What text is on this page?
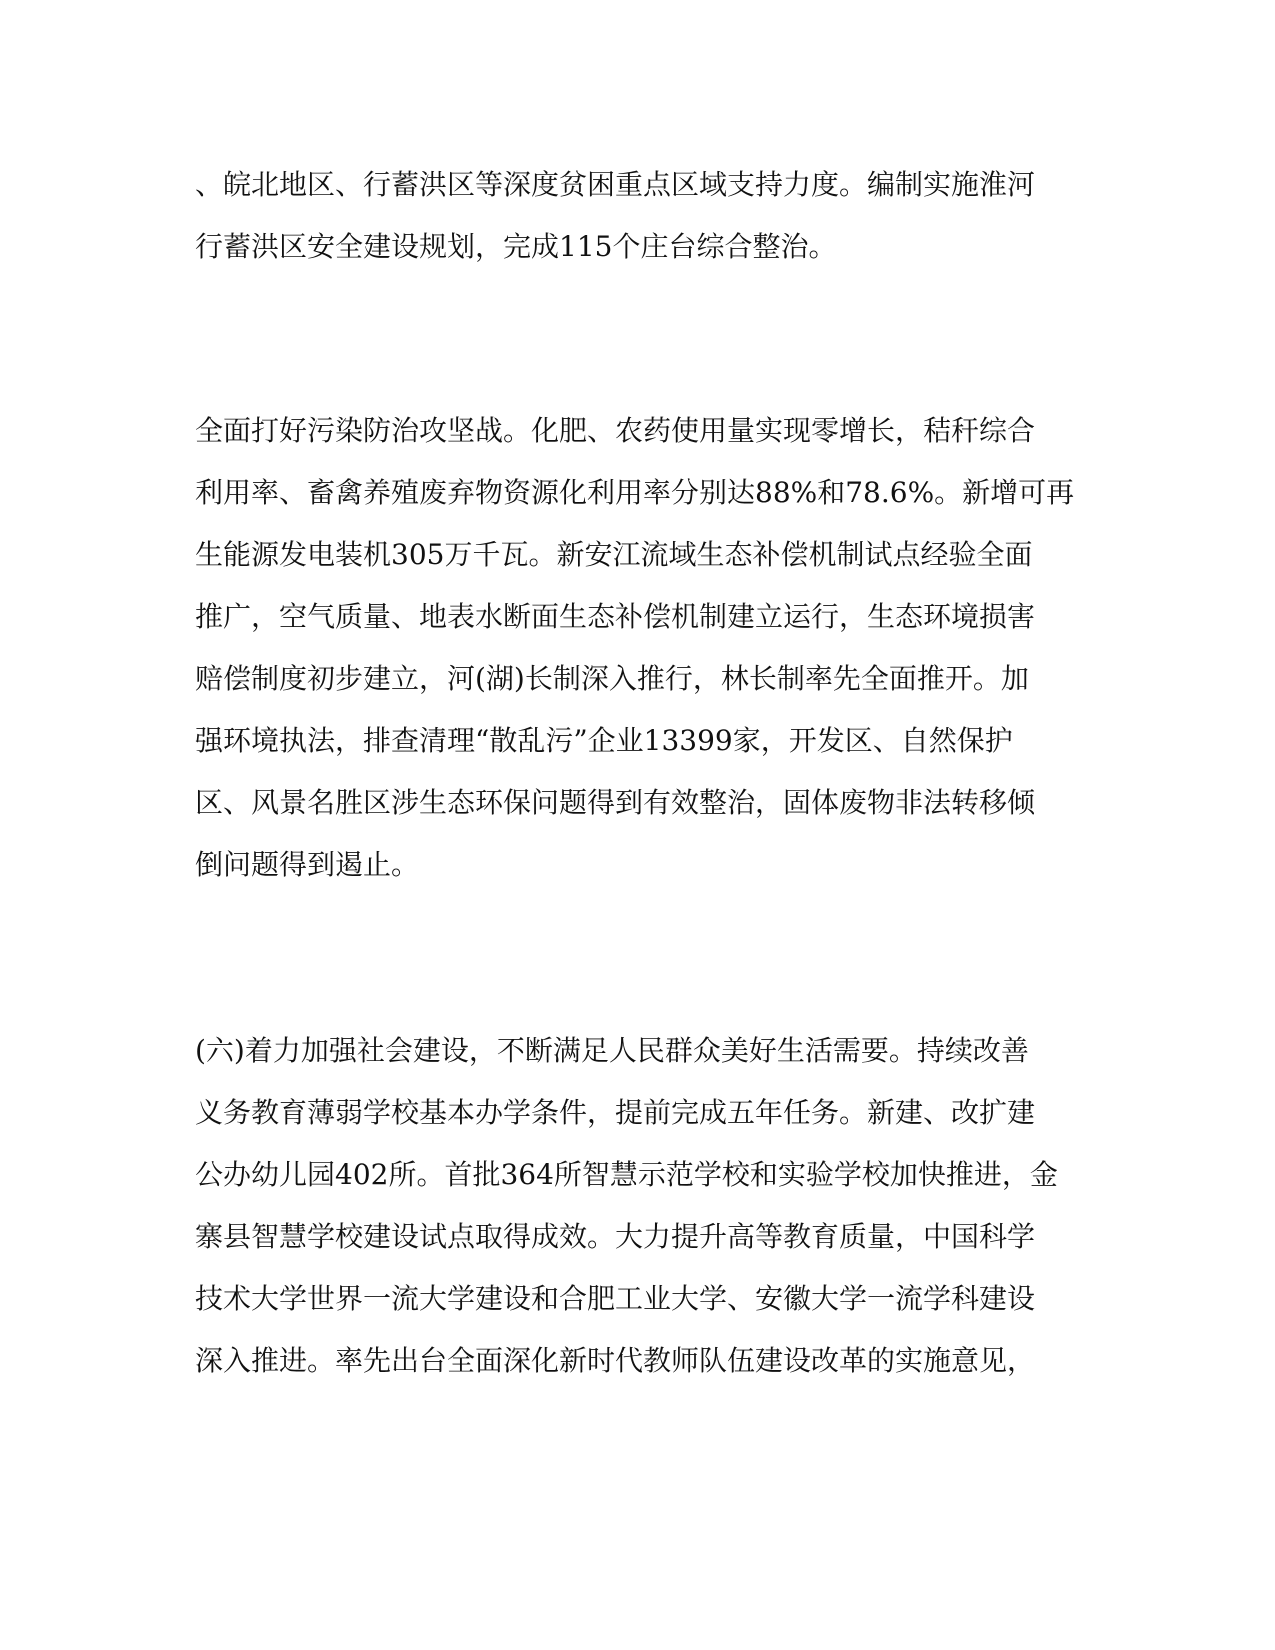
、皖北地区、行蓄洪区等深度贫困重点区域支持力度。编制实施淮河

行蓄洪区安全建设规划，完成115个庄台综合整治。

全面打好污染防治攻坚战。化肥、农药使用量实现零增长，秸秆综合

利用率、畜禽养殖废弃物资源化利用率分别达88%和78.6%。新增可再

生能源发电装机305万千瓦。新安江流域生态补偿机制试点经验全面

推广，空气质量、地表水断面生态补偿机制建立运行，生态环境损害

赔偿制度初步建立，河(湖)长制深入推行，林长制率先全面推开。加

强环境执法，排查清理“散乱污”企业13399家，开发区、自然保护

区、风景名胜区涉生态环保问题得到有效整治，固体废物非法转移倾

倒问题得到遏止。

(六)着力加强社会建设，不断满足人民群众美好生活需要。持续改善

义务教育薄弱学校基本办学条件，提前完成五年任务。新建、改扩建

公办幼儿园402所。首批364所智慧示范学校和实验学校加快推进，金

寨县智慧学校建设试点取得成效。大力提升高等教育质量，中国科学

技术大学世界一流大学建设和合肥工业大学、安徽大学一流学科建设

深入推进。率先出台全面深化新时代教师队伍建设改革的实施意见，
